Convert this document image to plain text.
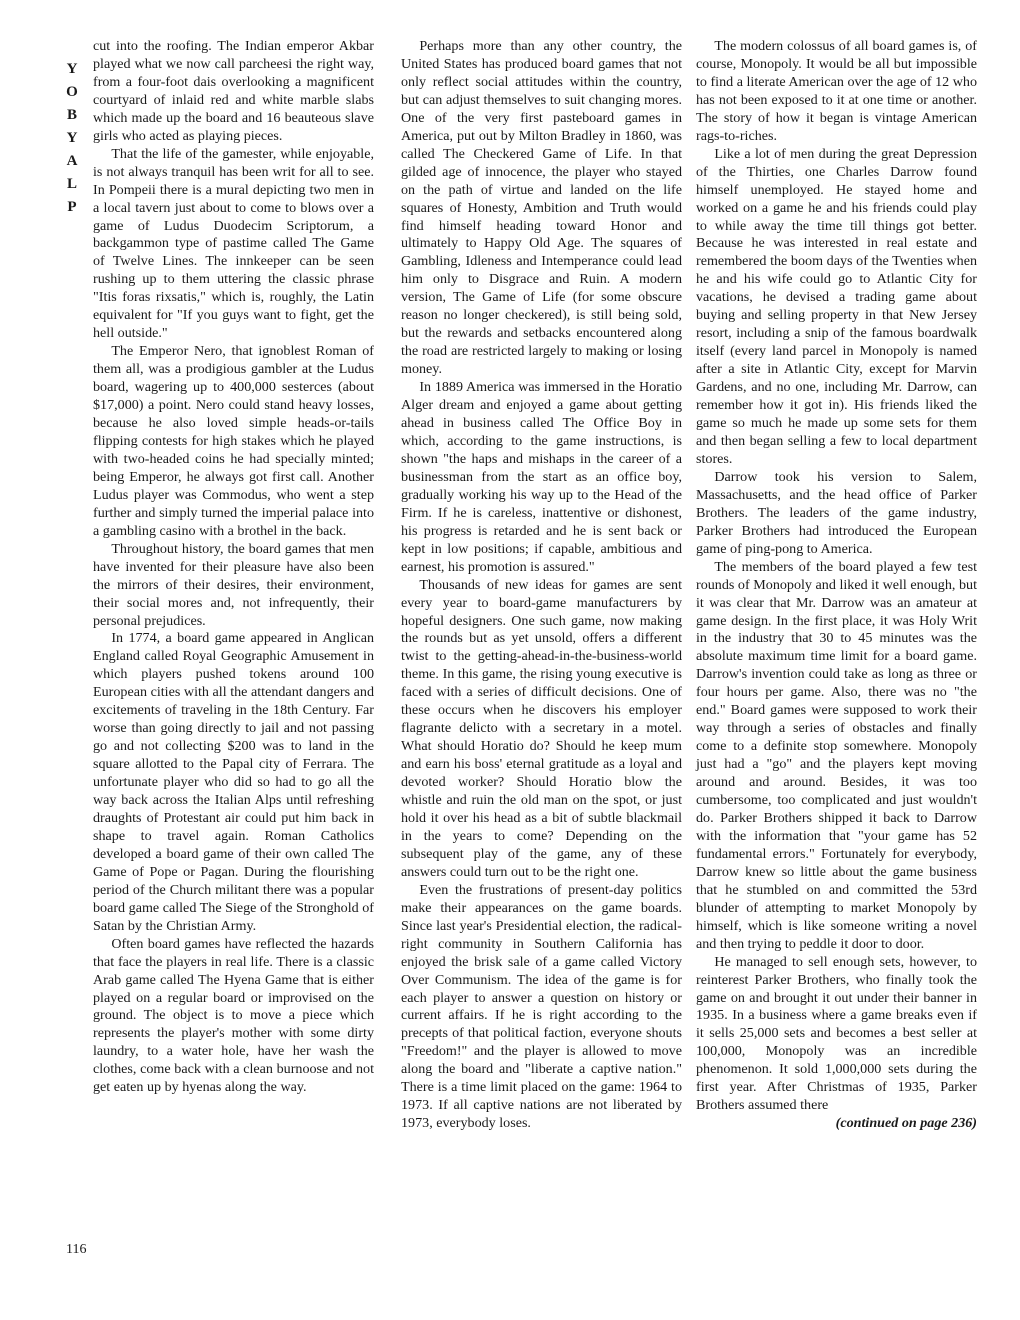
Y
O
B
Y
A
L
P
116

cut into the roofing. The Indian emperor Akbar played what we now call parcheesi the right way, from a four-foot dais overlooking a magnificent courtyard of inlaid red and white marble slabs which made up the board and 16 beauteous slave girls who acted as playing pieces.

That the life of the gamester, while enjoyable, is not always tranquil has been writ for all to see. In Pompeii there is a mural depicting two men in a local tavern just about to come to blows over a game of Ludus Duodecim Scriptorum, a backgammon type of pastime called The Game of Twelve Lines. The innkeeper can be seen rushing up to them uttering the classic phrase "Itis foras rixsatis," which is, roughly, the Latin equivalent for "If you guys want to fight, get the hell outside."

The Emperor Nero, that ignoblest Roman of them all, was a prodigious gambler at the Ludus board, wagering up to 400,000 sesterces (about $17,000) a point. Nero could stand heavy losses, because he also loved simple heads-or-tails flipping contests for high stakes which he played with two-headed coins he had specially minted; being Emperor, he always got first call. Another Ludus player was Commodus, who went a step further and simply turned the imperial palace into a gambling casino with a brothel in the back.

Throughout history, the board games that men have invented for their pleasure have also been the mirrors of their desires, their environment, their social mores and, not infrequently, their personal prejudices.

In 1774, a board game appeared in Anglican England called Royal Geographic Amusement in which players pushed tokens around 100 European cities with all the attendant dangers and excitements of traveling in the 18th Century. Far worse than going directly to jail and not passing go and not collecting $200 was to land in the square allotted to the Papal city of Ferrara. The unfortunate player who did so had to go all the way back across the Italian Alps until refreshing draughts of Protestant air could put him back in shape to travel again. Roman Catholics developed a board game of their own called The Game of Pope or Pagan. During the flourishing period of the Church militant there was a popular board game called The Siege of the Stronghold of Satan by the Christian Army.

Often board games have reflected the hazards that face the players in real life. There is a classic Arab game called The Hyena Game that is either played on a regular board or improvised on the ground. The object is to move a piece which represents the player's mother with some dirty laundry, to a water hole, have her wash the clothes, come back with a clean burnoose and not get eaten up by hyenas along the way.

Perhaps more than any other country, the United States has produced board games that not only reflect social attitudes within the country, but can adjust themselves to suit changing mores. One of the very first pasteboard games in America, put out by Milton Bradley in 1860, was called The Checkered Game of Life. In that gilded age of innocence, the player who stayed on the path of virtue and landed on the life squares of Honesty, Ambition and Truth would find himself heading toward Honor and ultimately to Happy Old Age. The squares of Gambling, Idleness and Intemperance could lead him only to Disgrace and Ruin. A modern version, The Game of Life (for some obscure reason no longer checkered), is still being sold, but the rewards and setbacks encountered along the road are restricted largely to making or losing money.

In 1889 America was immersed in the Horatio Alger dream and enjoyed a game about getting ahead in business called The Office Boy in which, according to the game instructions, is shown "the haps and mishaps in the career of a businessman from the start as an office boy, gradually working his way up to the Head of the Firm. If he is careless, inattentive or dishonest, his progress is retarded and he is sent back or kept in low positions; if capable, ambitious and earnest, his promotion is assured."

Thousands of new ideas for games are sent every year to board-game manufacturers by hopeful designers. One such game, now making the rounds but as yet unsold, offers a different twist to the getting-ahead-in-the-business-world theme. In this game, the rising young executive is faced with a series of difficult decisions. One of these occurs when he discovers his employer flagrante delicto with a secretary in a motel. What should Horatio do? Should he keep mum and earn his boss' eternal gratitude as a loyal and devoted worker? Should Horatio blow the whistle and ruin the old man on the spot, or just hold it over his head as a bit of subtle blackmail in the years to come? Depending on the subsequent play of the game, any of these answers could turn out to be the right one.

Even the frustrations of present-day politics make their appearances on the game boards. Since last year's Presidential election, the radical-right community in Southern California has enjoyed the brisk sale of a game called Victory Over Communism. The idea of the game is for each player to answer a question on history or current affairs. If he is right according to the precepts of that political faction, everyone shouts "Freedom!" and the player is allowed to move along the board and "liberate a captive nation." There is a time limit placed on the game: 1964 to 1973. If all captive nations are not liberated by 1973, everybody loses.

The modern colossus of all board games is, of course, Monopoly. It would be all but impossible to find a literate American over the age of 12 who has not been exposed to it at one time or another. The story of how it began is vintage American rags-to-riches.

Like a lot of men during the great Depression of the Thirties, one Charles Darrow found himself unemployed. He stayed home and worked on a game he and his friends could play to while away the time till things got better. Because he was interested in real estate and remembered the boom days of the Twenties when he and his wife could go to Atlantic City for vacations, he devised a trading game about buying and selling property in that New Jersey resort, including a snip of the famous boardwalk itself (every land parcel in Monopoly is named after a site in Atlantic City, except for Marvin Gardens, and no one, including Mr. Darrow, can remember how it got in). His friends liked the game so much he made up some sets for them and then began selling a few to local department stores.

Darrow took his version to Salem, Massachusetts, and the head office of Parker Brothers. The leaders of the game industry, Parker Brothers had introduced the European game of ping-pong to America.

The members of the board played a few test rounds of Monopoly and liked it well enough, but it was clear that Mr. Darrow was an amateur at game design. In the first place, it was Holy Writ in the industry that 30 to 45 minutes was the absolute maximum time limit for a board game. Darrow's invention could take as long as three or four hours per game. Also, there was no "the end." Board games were supposed to work their way through a series of obstacles and finally come to a definite stop somewhere. Monopoly just had a "go" and the players kept moving around and around. Besides, it was too cumbersome, too complicated and just wouldn't do. Parker Brothers shipped it back to Darrow with the information that "your game has 52 fundamental errors." Fortunately for everybody, Darrow knew so little about the game business that he stumbled on and committed the 53rd blunder of attempting to market Monopoly by himself, which is like someone writing a novel and then trying to peddle it door to door.

He managed to sell enough sets, however, to reinterest Parker Brothers, who finally took the game on and brought it out under their banner in 1935. In a business where a game breaks even if it sells 25,000 sets and becomes a best seller at 100,000, Monopoly was an incredible phenomenon. It sold 1,000,000 sets during the first year. After Christmas of 1935, Parker Brothers assumed there

(continued on page 236)
